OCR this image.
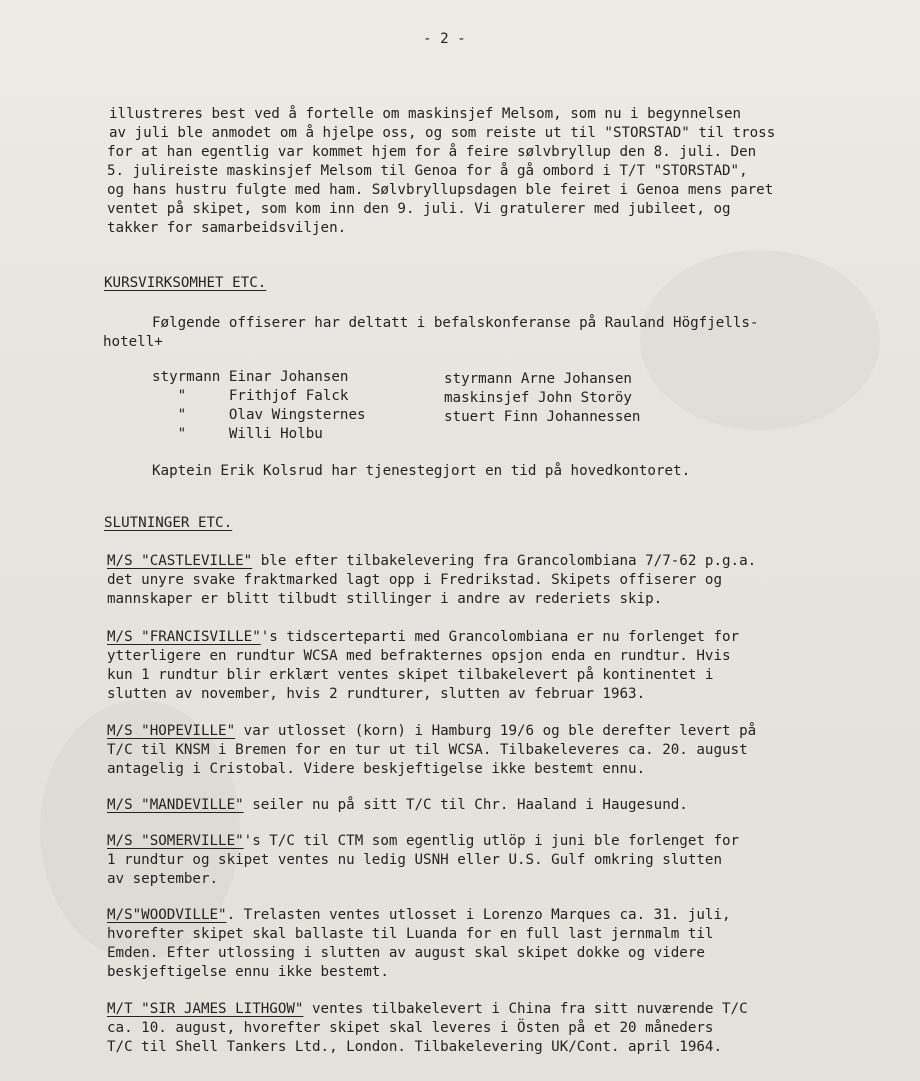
- 2 -
illustreres best ved å fortelle om maskinsjef Melsom, som nu i begynnelsen
av juli ble anmodet om å hjelpe oss, og som reiste ut til "STORSTAD" til tross
for at han egentlig var kommet hjem for å feire sølvbryllup den 8. juli. Den
5. julireiste maskinsjef Melsom til Genoa for å gå ombord i T/T "STORSTAD",
og hans hustru fulgte med ham. Sølvbryllupsdagen ble feiret i Genoa mens paret
ventet på skipet, som kom inn den 9. juli. Vi gratulerer med jubileet, og
takker for samarbeidsviljen.
KURSVIRKSOMHET ETC.
Følgende offiserer har deltatt i befalskonferanse på Rauland Högfjells-
hotell+
styrmann Einar Johansen
"     Frithjof Falck
"     Olav Wingsternes
"     Willi Holbu
styrmann Arne Johansen
maskinsjef John Storöy
stuert Finn Johannessen
Kaptein Erik Kolsrud har tjenestegjort en tid på hovedkontoret.
SLUTNINGER ETC.
M/S "CASTLEVILLE" ble efter tilbakelevering fra Grancolombiana 7/7-62 p.g.a.
det unyre svake fraktmarked lagt opp i Fredrikstad. Skipets offiserer og
mannskaper er blitt tilbudt stillinger i andre av rederiets skip.
M/S "FRANCISVILLE"'s tidscerteparti med Grancolombiana er nu forlenget for
ytterligere en rundtur WCSA med befrakternes opsjon enda en rundtur. Hvis
kun 1 rundtur blir erklært ventes skipet tilbakelevert på kontinentet i
slutten av november, hvis 2 rundturer, slutten av februar 1963.
M/S "HOPEVILLE" var utlosset (korn) i Hamburg 19/6 og ble derefter levert på
T/C til KNSM i Bremen for en tur ut til WCSA. Tilbakeleveres ca. 20. august
antagelig i Cristobal. Videre beskjeftigelse ikke bestemt ennu.
M/S "MANDEVILLE" seiler nu på sitt T/C til Chr. Haaland i Haugesund.
M/S "SOMERVILLE"'s T/C til CTM som egentlig utlöp i juni ble forlenget for
1 rundtur og skipet ventes nu ledig USNH eller U.S. Gulf omkring slutten
av september.
M/S"WOODVILLE". Trelasten ventes utlosset i Lorenzo Marques ca. 31. juli,
hvorefter skipet skal ballaste til Luanda for en full last jernmalm til
Emden. Efter utlossing i slutten av august skal skipet dokke og videre
beskjeftigelse ennu ikke bestemt.
M/T "SIR JAMES LITHGOW" ventes tilbakelevert i China fra sitt nuværende T/C
ca. 10. august, hvorefter skipet skal leveres i Östen på et 20 måneders
T/C til Shell Tankers Ltd., London. Tilbakelevering UK/Cont. april 1964.
